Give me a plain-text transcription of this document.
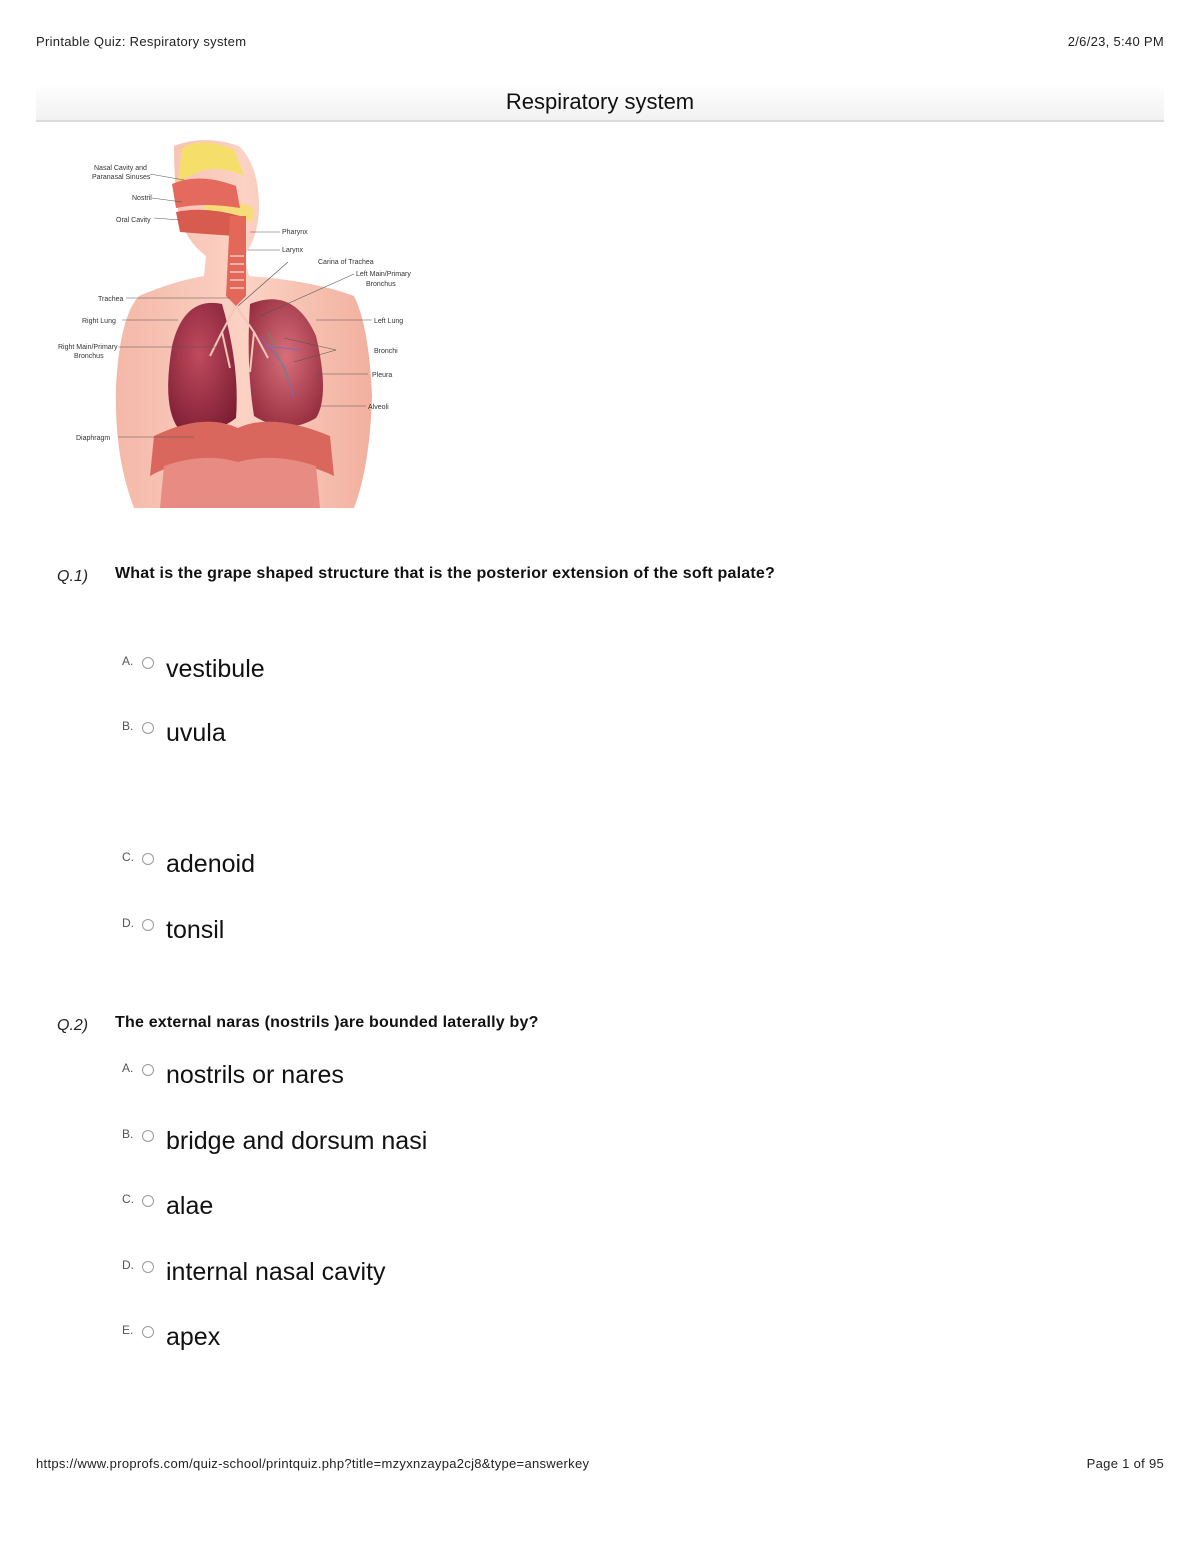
Printable Quiz: Respiratory system	2/6/23, 5:40 PM
Respiratory system
Nasal Cavity and
Paranasal Sinuses
Nostril
Oral Cavity
Pharynx
Larynx
Carina of Trachea
Left Main/Primary
Bronchus
Trachea
Right Lung	Left Lung
Right Main/Primary
Bronchus
Bronchi
Pleura
Alveoli
Diaphragm
Q.1) What is the grape shaped structure that is the posterior extension of the soft palate?
A. vestibule
B. uvula
C. adenoid
D. tonsil
Q.2) The external naras (nostrils )are bounded laterally by?
A. nostrils or nares
B. bridge and dorsum nasi
C. alae
D. internal nasal cavity
E. apex
https://www.proprofs.com/quiz-school/printquiz.php?title=mzyxnzaypa2cj8&type=answerkey	Page 1 of 95
